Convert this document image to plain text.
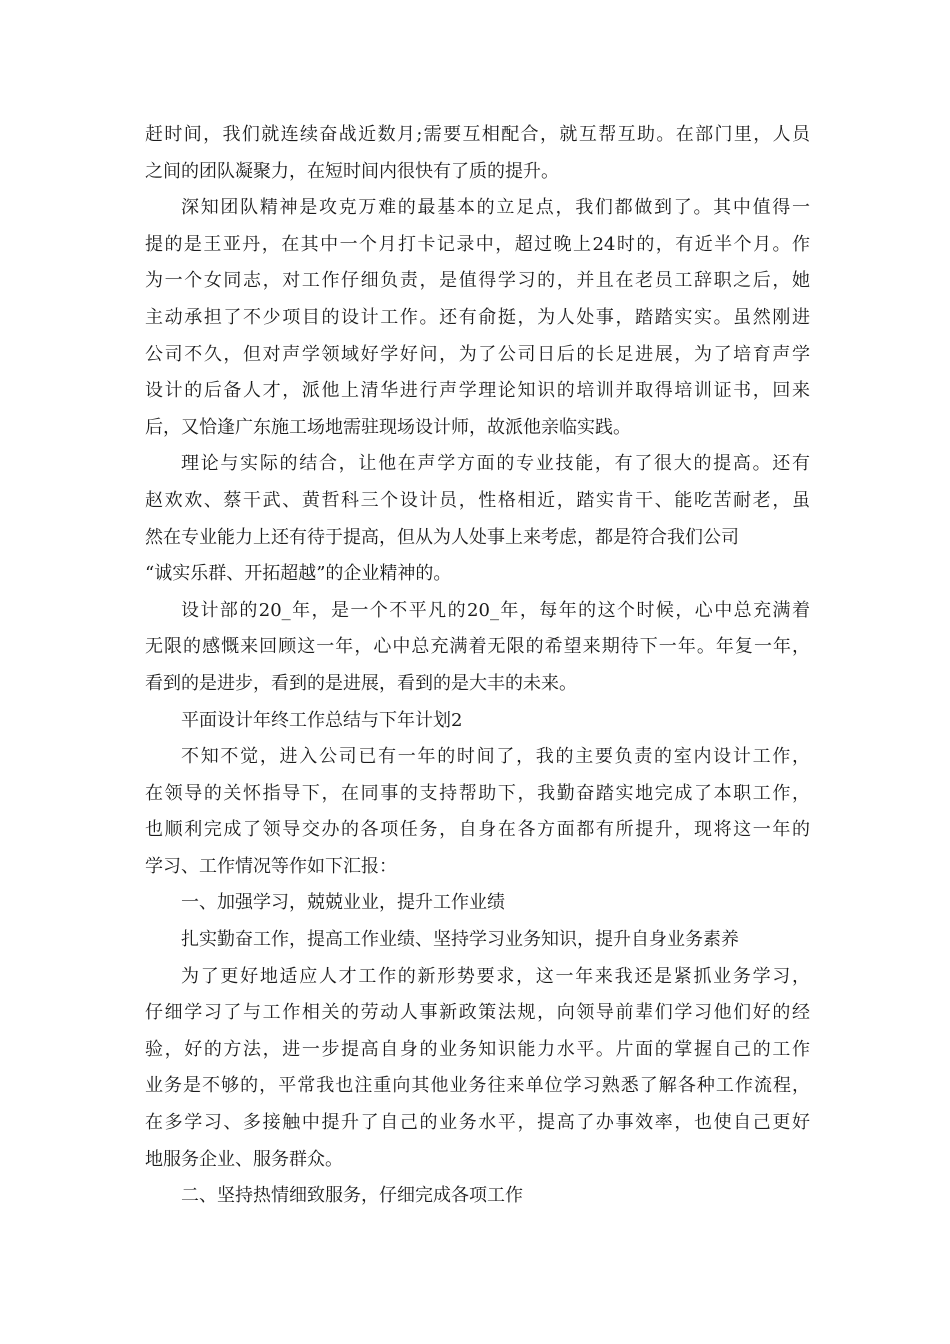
赶时间，我们就连续奋战近数月;需要互相配合，就互帮互助。在部门里，人员
之间的团队凝聚力，在短时间内很快有了质的提升。
深知团队精神是攻克万难的最基本的立足点，我们都做到了。其中值得一
提的是王亚丹，在其中一个月打卡记录中，超过晚上24时的，有近半个月。作
为一个女同志，对工作仔细负责，是值得学习的，并且在老员工辞职之后，她
主动承担了不少项目的设计工作。还有俞挺，为人处事，踏踏实实。虽然刚进
公司不久，但对声学领域好学好问，为了公司日后的长足进展，为了培育声学
设计的后备人才，派他上清华进行声学理论知识的培训并取得培训证书，回来
后，又恰逢广东施工场地需驻现场设计师，故派他亲临实践。
理论与实际的结合，让他在声学方面的专业技能，有了很大的提高。还有
赵欢欢、蔡干武、黄哲科三个设计员，性格相近，踏实肯干、能吃苦耐老，虽
然在专业能力上还有待于提高，但从为人处事上来考虑，都是符合我们公司
“诚实乐群、开拓超越”的企业精神的。
设计部的20_年，是一个不平凡的20_年，每年的这个时候，心中总充满着
无限的感慨来回顾这一年，心中总充满着无限的希望来期待下一年。年复一年，
看到的是进步，看到的是进展，看到的是大丰的未来。
平面设计年终工作总结与下年计划2
不知不觉，进入公司已有一年的时间了，我的主要负责的室内设计工作，
在领导的关怀指导下，在同事的支持帮助下，我勤奋踏实地完成了本职工作，
也顺利完成了领导交办的各项任务，自身在各方面都有所提升，现将这一年的
学习、工作情况等作如下汇报：
一、加强学习，兢兢业业，提升工作业绩
扎实勤奋工作，提高工作业绩、坚持学习业务知识，提升自身业务素养
为了更好地适应人才工作的新形势要求，这一年来我还是紧抓业务学习，
仔细学习了与工作相关的劳动人事新政策法规，向领导前辈们学习他们好的经
验，好的方法，进一步提高自身的业务知识能力水平。片面的掌握自己的工作
业务是不够的，平常我也注重向其他业务往来单位学习熟悉了解各种工作流程，
在多学习、多接触中提升了自己的业务水平，提高了办事效率，也使自己更好
地服务企业、服务群众。
二、坚持热情细致服务，仔细完成各项工作
